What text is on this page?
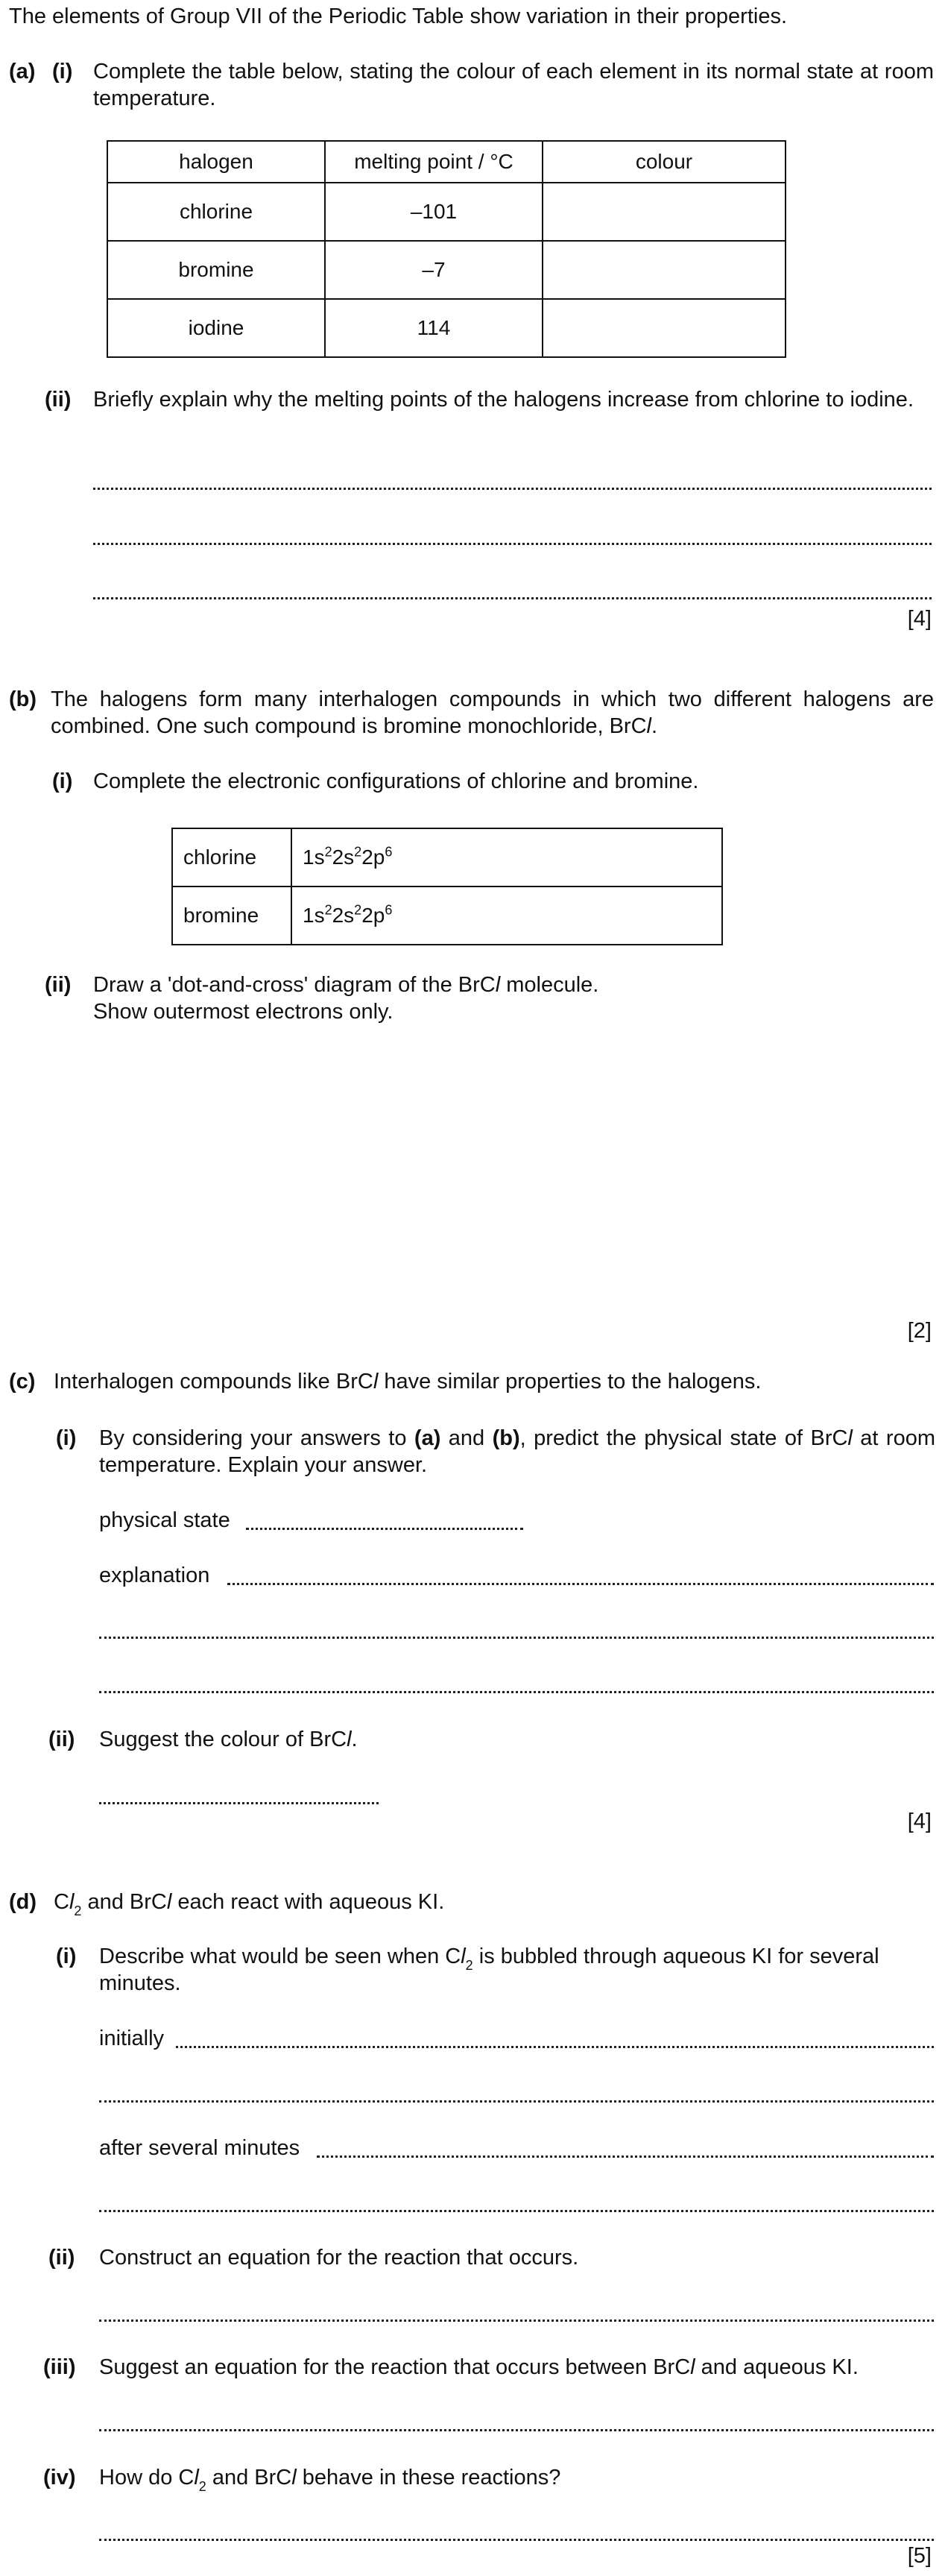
The elements of Group VII of the Periodic Table show variation in their properties.
(a) (i) Complete the table below, stating the colour of each element in its normal state at room temperature.
halogen	melting point / °C	colour
chlorine	–101	
bromine	–7	
iodine	114	
(ii) Briefly explain why the melting points of the halogens increase from chlorine to iodine.
[4]
(b) The halogens form many interhalogen compounds in which two different halogens are combined. One such compound is bromine monochloride, BrCl.
(i) Complete the electronic configurations of chlorine and bromine.
chlorine	$1s^22s^22p^6$
bromine	$1s^22s^22p^6$
(ii) Draw a 'dot-and-cross' diagram of the BrCl molecule.
Show outermost electrons only.
[2]
(c) Interhalogen compounds like BrCl have similar properties to the halogens.
(i) By considering your answers to (a) and (b), predict the physical state of BrCl at room temperature. Explain your answer.
physical state
explanation
(ii) Suggest the colour of BrCl.
[4]
(d) $Cl_2$ and BrCl each react with aqueous KI.
(i) Describe what would be seen when $Cl_2$ is bubbled through aqueous KI for several minutes.
initially
after several minutes
(ii) Construct an equation for the reaction that occurs.
(iii) Suggest an equation for the reaction that occurs between BrCl and aqueous KI.
(iv) How do $Cl_2$ and BrCl behave in these reactions?
[5]
